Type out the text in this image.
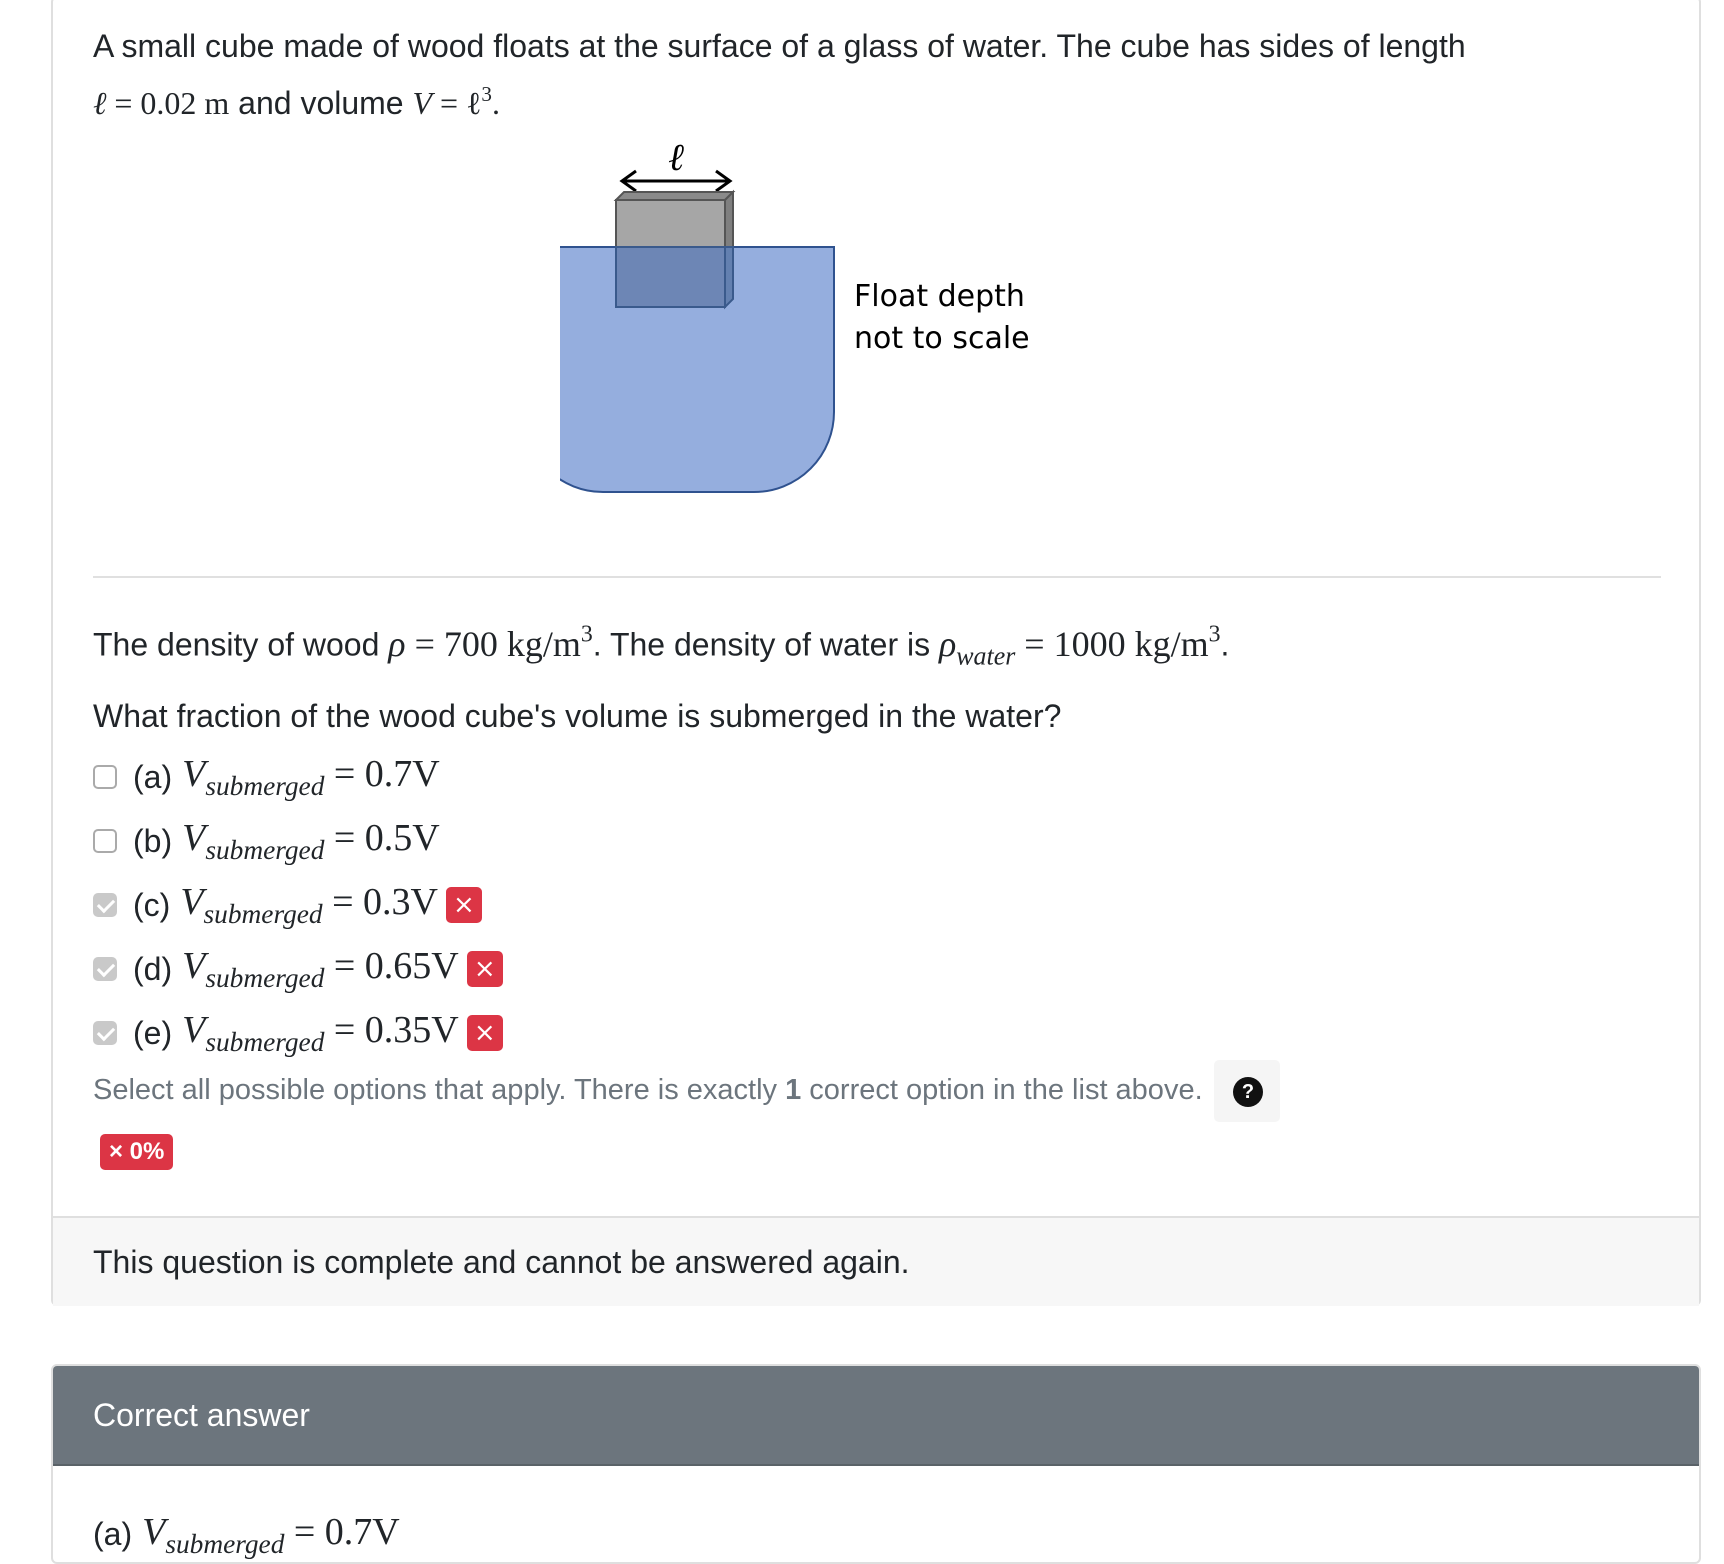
A small cube made of wood floats at the surface of a glass of water. The cube has sides of length
ℓ = 0.02 m and volume V = ℓ$^3$.

ℓ
Float depth
not to scale
The density of wood ρ = 700 $kg/m^3$. The density of water is $\rho_{water} = 1000$ $kg/m^3$.
What fraction of the wood cube's volume is submerged in the water?
(a) $V_{submerged} = 0.7V$
(b) $V_{submerged} = 0.5V$
(c) $V_{submerged} = 0.3V$ ×
(d) $V_{submerged} = 0.65V$ ×
(e) $V_{submerged} = 0.35V$ ×
Select all possible options that apply. There is exactly 1 correct option in the list above.	?
× 0%
This question is complete and cannot be answered again.
Correct answer
(a) $V_{submerged} = 0.7V$
